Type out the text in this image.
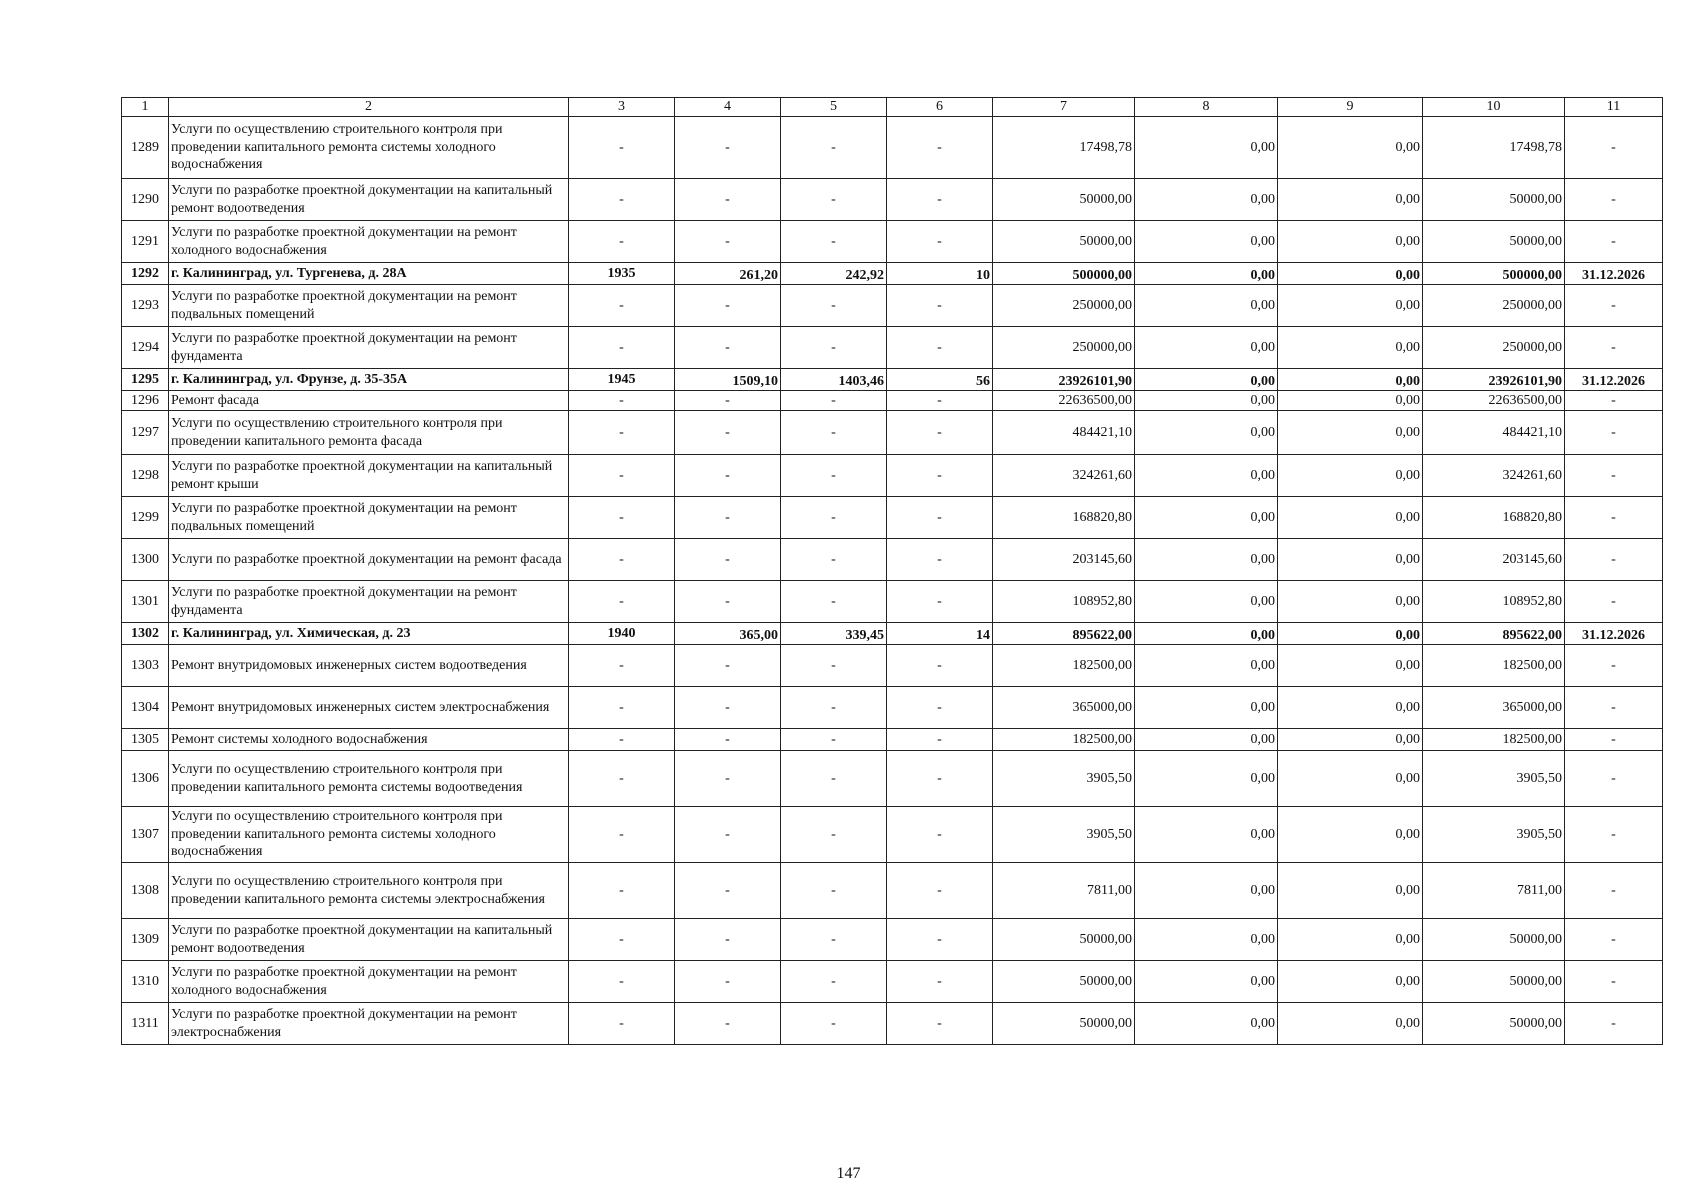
1	2	3	4	5	6	7	8	9	10	11
1289	Услуги по осуществлению строительного контроля при проведении капитального ремонта системы холодного водоснабжения	-	-	-	-	17498,78	0,00	0,00	17498,78	-
1290	Услуги по разработке проектной документации на капитальный ремонт водоотведения	-	-	-	-	50000,00	0,00	0,00	50000,00	-
1291	Услуги по разработке проектной документации на ремонт холодного водоснабжения	-	-	-	-	50000,00	0,00	0,00	50000,00	-
1292	г. Калининград, ул. Тургенева, д. 28А	1935	261,20	242,92	10	500000,00	0,00	0,00	500000,00	31.12.2026
1293	Услуги по разработке проектной документации на ремонт подвальных помещений	-	-	-	-	250000,00	0,00	0,00	250000,00	-
1294	Услуги по разработке проектной документации на ремонт фундамента	-	-	-	-	250000,00	0,00	0,00	250000,00	-
1295	г. Калининград, ул. Фрунзе, д. 35-35А	1945	1509,10	1403,46	56	23926101,90	0,00	0,00	23926101,90	31.12.2026
1296	Ремонт фасада	-	-	-	-	22636500,00	0,00	0,00	22636500,00	-
1297	Услуги по осуществлению строительного контроля при проведении капитального ремонта фасада	-	-	-	-	484421,10	0,00	0,00	484421,10	-
1298	Услуги по разработке проектной документации на капитальный ремонт крыши	-	-	-	-	324261,60	0,00	0,00	324261,60	-
1299	Услуги по разработке проектной документации на ремонт подвальных помещений	-	-	-	-	168820,80	0,00	0,00	168820,80	-
1300	Услуги по разработке проектной документации на ремонт фасада	-	-	-	-	203145,60	0,00	0,00	203145,60	-
1301	Услуги по разработке проектной документации на ремонт фундамента	-	-	-	-	108952,80	0,00	0,00	108952,80	-
1302	г. Калининград, ул. Химическая, д. 23	1940	365,00	339,45	14	895622,00	0,00	0,00	895622,00	31.12.2026
1303	Ремонт внутридомовых инженерных систем водоотведения	-	-	-	-	182500,00	0,00	0,00	182500,00	-
1304	Ремонт внутридомовых инженерных систем электроснабжения	-	-	-	-	365000,00	0,00	0,00	365000,00	-
1305	Ремонт системы холодного водоснабжения	-	-	-	-	182500,00	0,00	0,00	182500,00	-
1306	Услуги по осуществлению строительного контроля при проведении капитального ремонта системы водоотведения	-	-	-	-	3905,50	0,00	0,00	3905,50	-
1307	Услуги по осуществлению строительного контроля при проведении капитального ремонта системы холодного водоснабжения	-	-	-	-	3905,50	0,00	0,00	3905,50	-
1308	Услуги по осуществлению строительного контроля при проведении капитального ремонта системы электроснабжения	-	-	-	-	7811,00	0,00	0,00	7811,00	-
1309	Услуги по разработке проектной документации на капитальный ремонт водоотведения	-	-	-	-	50000,00	0,00	0,00	50000,00	-
1310	Услуги по разработке проектной документации на ремонт холодного водоснабжения	-	-	-	-	50000,00	0,00	0,00	50000,00	-
1311	Услуги по разработке проектной документации на ремонт электроснабжения	-	-	-	-	50000,00	0,00	0,00	50000,00	-
147
